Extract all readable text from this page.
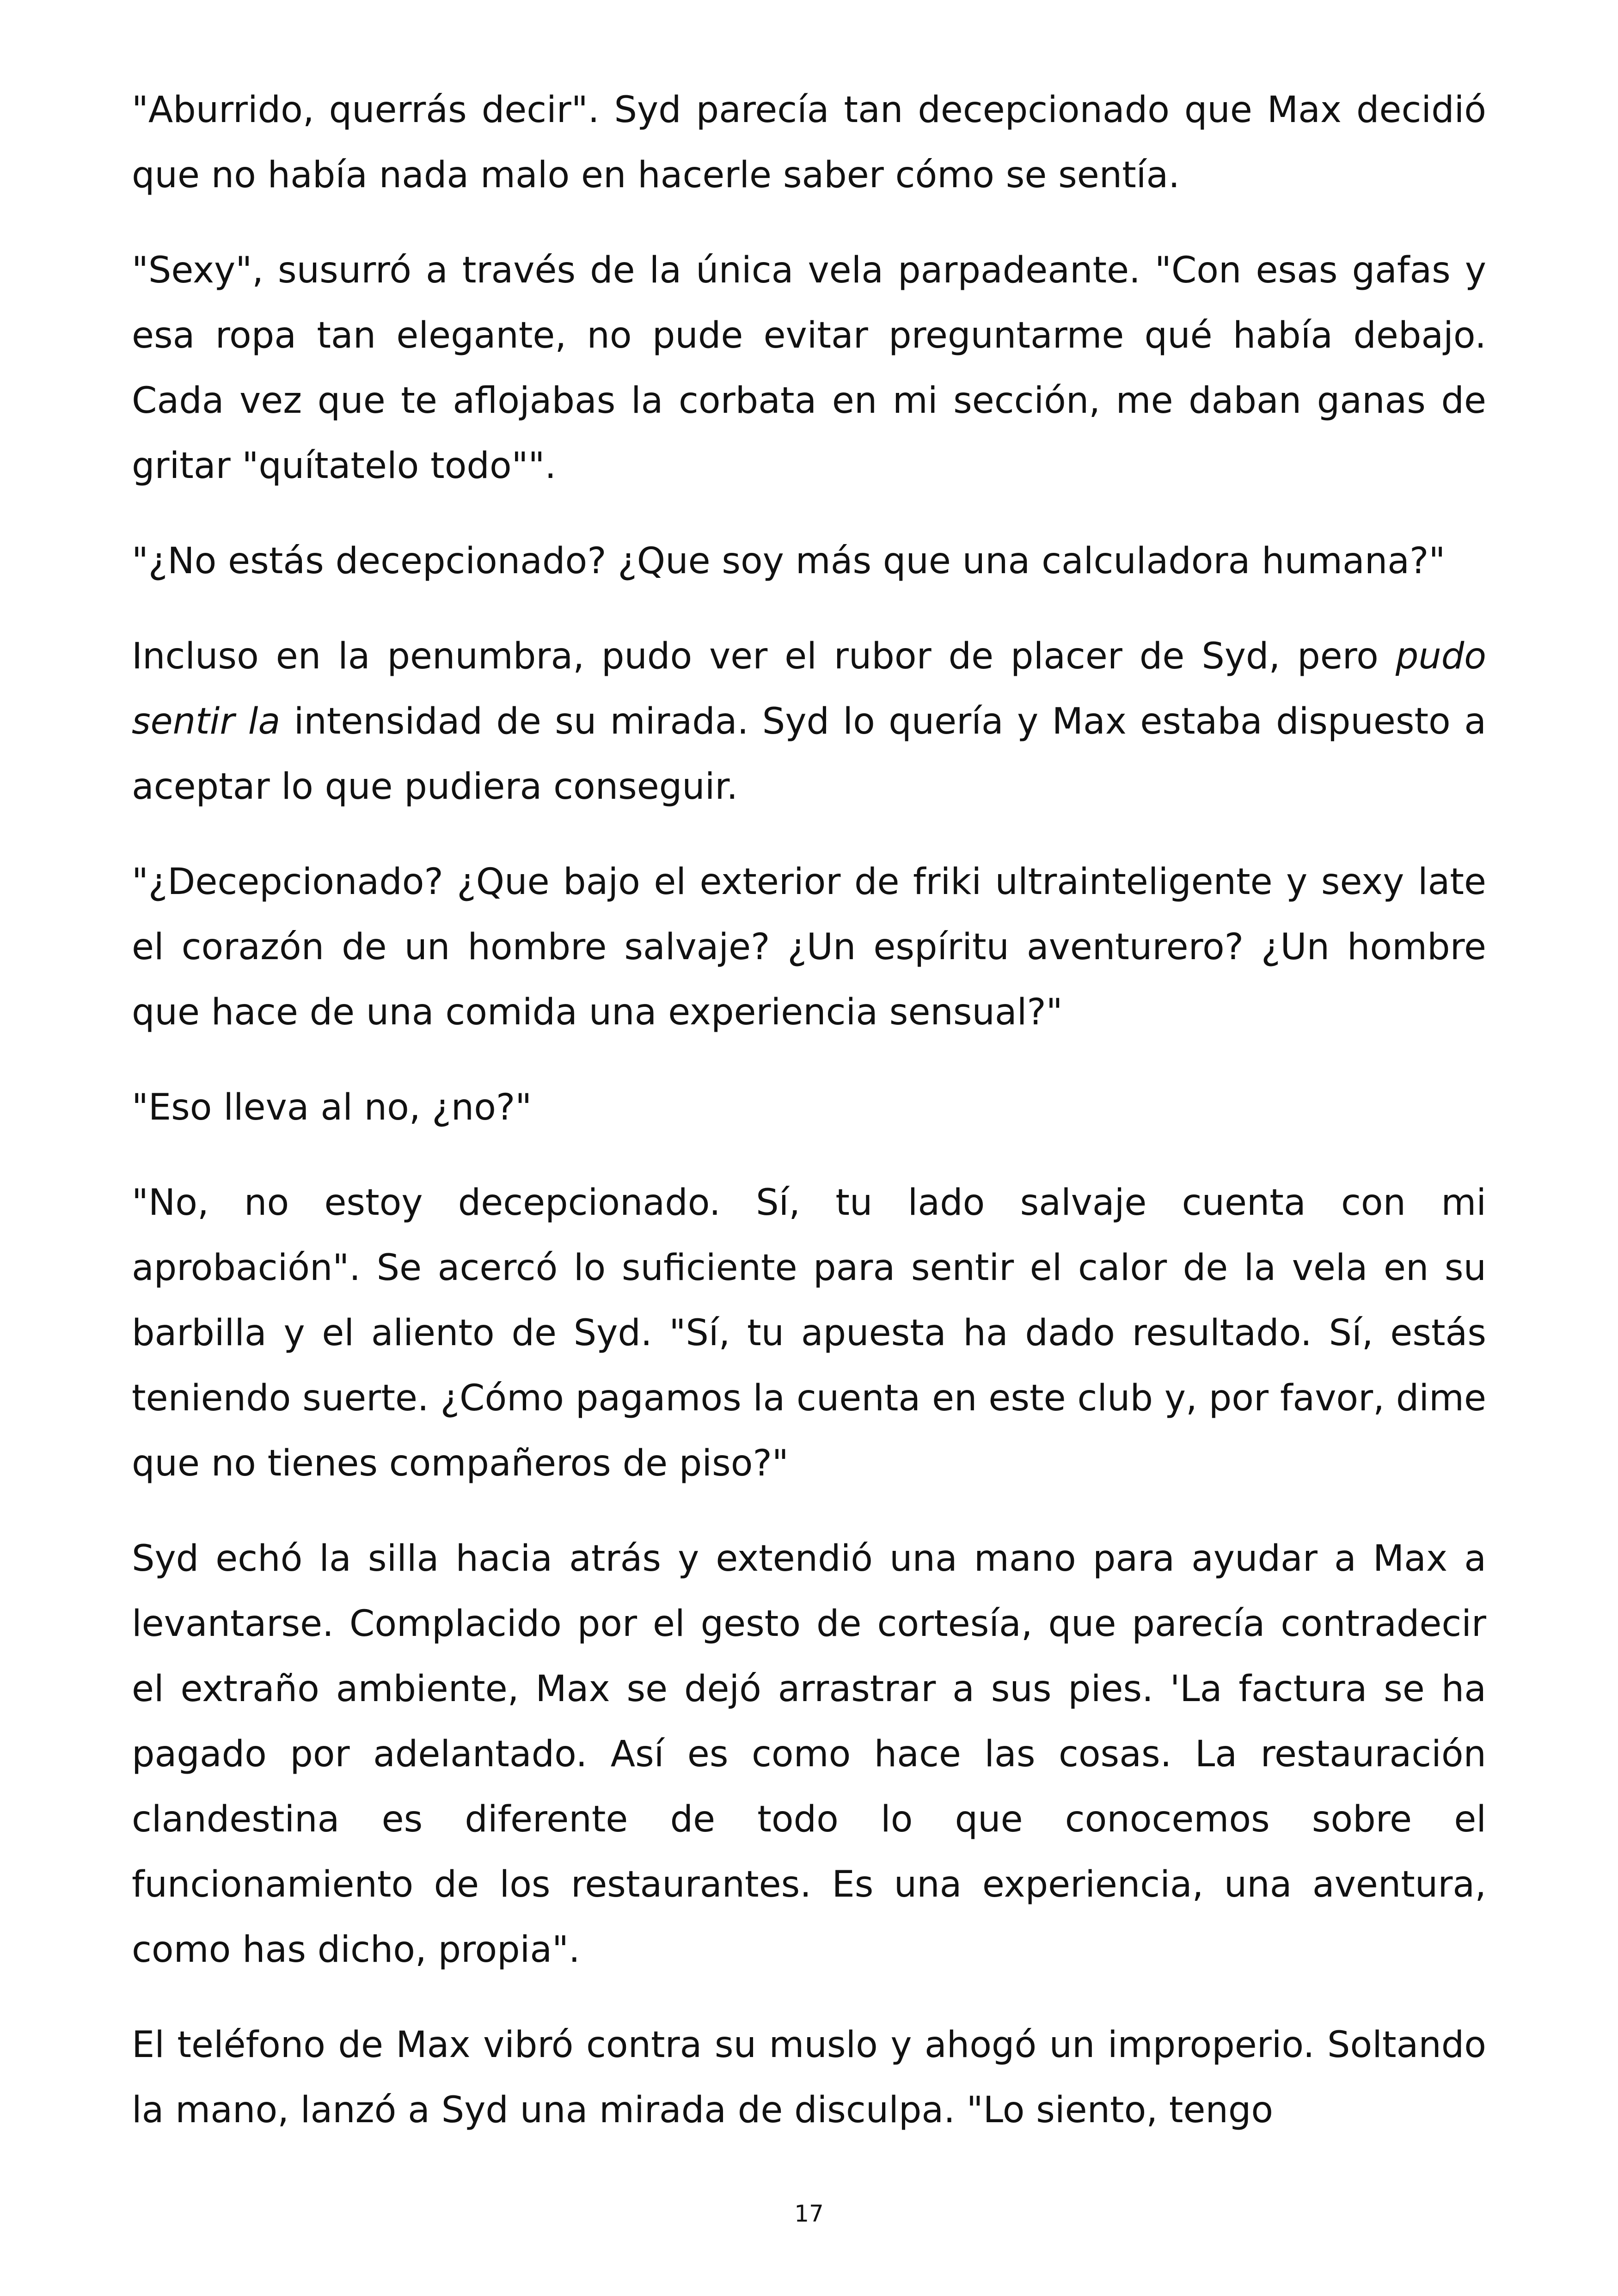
"Aburrido, querrás decir". Syd parecía tan decepcionado que Max decidió que no había nada malo en hacerle saber cómo se sentía.

"Sexy", susurró a través de la única vela parpadeante. "Con esas gafas y esa ropa tan elegante, no pude evitar preguntarme qué había debajo. Cada vez que te aflojabas la corbata en mi sección, me daban ganas de gritar "quítatelo todo"".

"¿No estás decepcionado? ¿Que soy más que una calculadora humana?"

Incluso en la penumbra, pudo ver el rubor de placer de Syd, pero pudo sentir la intensidad de su mirada. Syd lo quería y Max estaba dispuesto a aceptar lo que pudiera conseguir.

"¿Decepcionado? ¿Que bajo el exterior de friki ultrainteligente y sexy late el corazón de un hombre salvaje? ¿Un espíritu aventurero? ¿Un hombre que hace de una comida una experiencia sensual?"

"Eso lleva al no, ¿no?"

"No, no estoy decepcionado. Sí, tu lado salvaje cuenta con mi aprobación". Se acercó lo suficiente para sentir el calor de la vela en su barbilla y el aliento de Syd. "Sí, tu apuesta ha dado resultado. Sí, estás teniendo suerte. ¿Cómo pagamos la cuenta en este club y, por favor, dime que no tienes compañeros de piso?"

Syd echó la silla hacia atrás y extendió una mano para ayudar a Max a levantarse. Complacido por el gesto de cortesía, que parecía contradecir el extraño ambiente, Max se dejó arrastrar a sus pies. 'La factura se ha pagado por adelantado. Así es como hace las cosas. La restauración clandestina es diferente de todo lo que conocemos sobre el funcionamiento de los restaurantes. Es una experiencia, una aventura, como has dicho, propia".

El teléfono de Max vibró contra su muslo y ahogó un improperio. Soltando la mano, lanzó a Syd una mirada de disculpa. "Lo siento, tengo

17
